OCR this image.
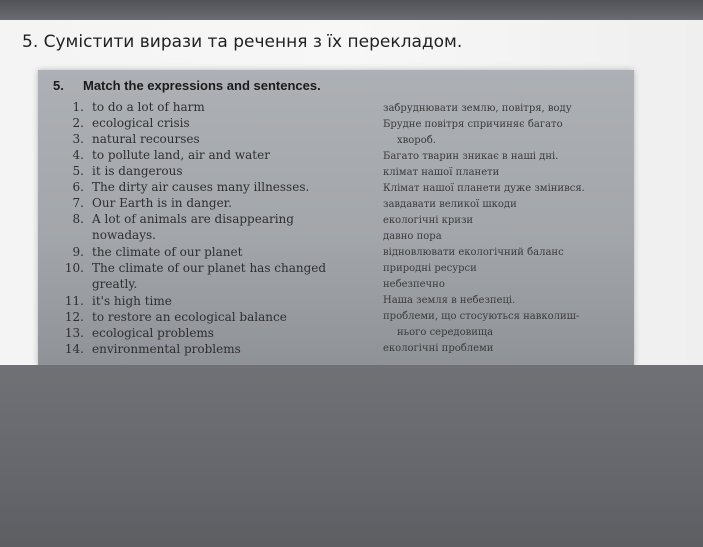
5. Сумістити вирази та речення з їх перекладом.
5. Match the expressions and sentences.
1. to do a lot of harm
2. ecological crisis
3. natural recourses
4. to pollute land, air and water
5. it is dangerous
6. The dirty air causes many illnesses.
7. Our Earth is in danger.
8. A lot of animals are disappearing
nowadays.
9. the climate of our planet
10. The climate of our planet has changed
greatly.
11. it's high time
12. to restore an ecological balance
13. ecological problems
14. environmental problems
забруднювати землю, повітря, воду
Брудне повітря спричиняє багато
хвороб.
Багато тварин зникає в наші дні.
клімат нашої планети
Клімат нашої планети дуже змінився.
завдавати великої шкоди
екологічні кризи
давно пора
відновлювати екологічний баланс
природні ресурси
небезпечно
Наша земля в небезпеці.
проблеми, що стосуються навколиш-
нього середовища
екологічні проблеми
